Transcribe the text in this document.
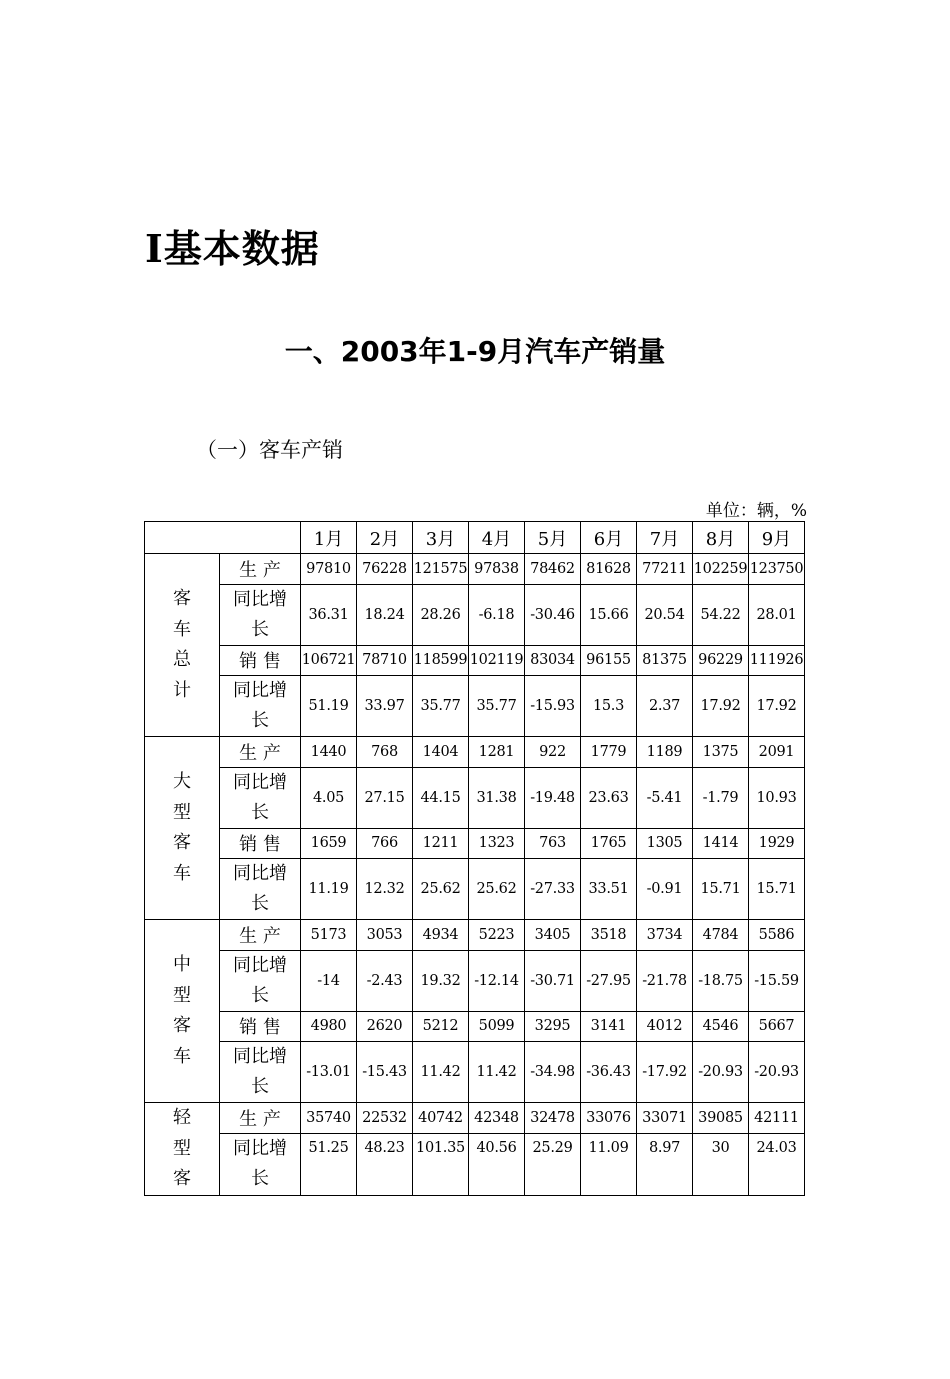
Ⅰ基本数据
一、2003年1-9月汽车产销量
（一）客车产销
单位：辆，%
		1月	2月	3月	4月	5月	6月	7月	8月	9月
客车总计	生 产	97810	76228	121575	97838	78462	81628	77211	102259	123750
	同比增长	36.31	18.24	28.26	-6.18	-30.46	15.66	20.54	54.22	28.01
	销 售	106721	78710	118599	102119	83034	96155	81375	96229	111926
	同比增长	51.19	33.97	35.77	35.77	-15.93	15.3	2.37	17.92	17.92
大型客车	生 产	1440	768	1404	1281	922	1779	1189	1375	2091
	同比增长	4.05	27.15	44.15	31.38	-19.48	23.63	-5.41	-1.79	10.93
	销 售	1659	766	1211	1323	763	1765	1305	1414	1929
	同比增长	11.19	12.32	25.62	25.62	-27.33	33.51	-0.91	15.71	15.71
中型客车	生 产	5173	3053	4934	5223	3405	3518	3734	4784	5586
	同比增长	-14	-2.43	19.32	-12.14	-30.71	-27.95	-21.78	-18.75	-15.59
	销 售	4980	2620	5212	5099	3295	3141	4012	4546	5667
	同比增长	-13.01	-15.43	11.42	11.42	-34.98	-36.43	-17.92	-20.93	-20.93
轻型客	生 产	35740	22532	40742	42348	32478	33076	33071	39085	42111
	同比增长	51.25	48.23	101.35	40.56	25.29	11.09	8.97	30	24.03
